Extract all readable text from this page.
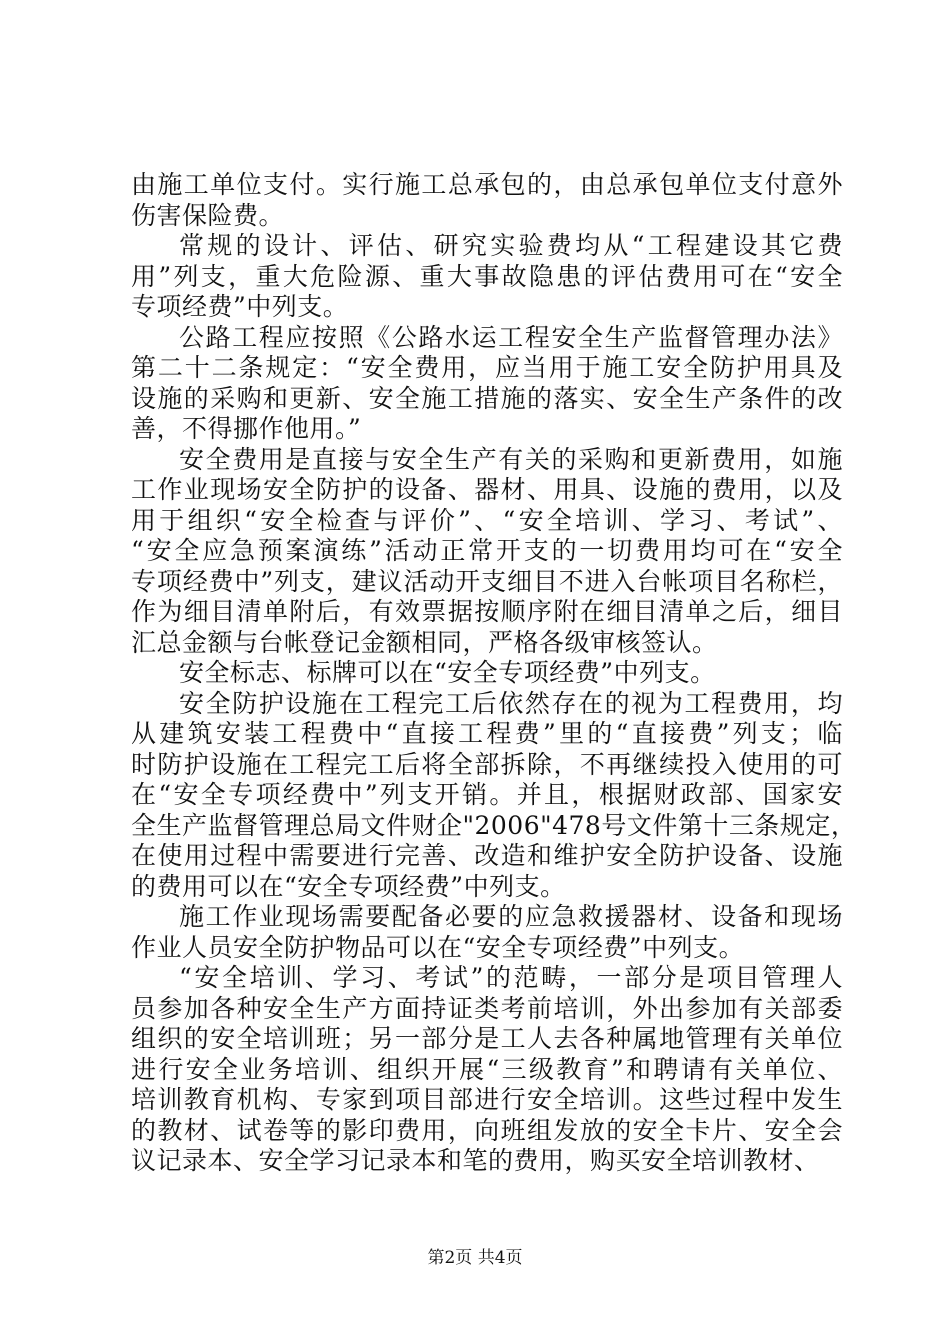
由施工单位支付。实行施工总承包的，由总承包单位支付意外
伤害保险费。
常规的设计、评估、研究实验费均从“工程建设其它费
用”列支，重大危险源、重大事故隐患的评估费用可在“安全
专项经费”中列支。
公路工程应按照《公路水运工程安全生产监督管理办法》
第二十二条规定：“安全费用，应当用于施工安全防护用具及
设施的采购和更新、安全施工措施的落实、安全生产条件的改
善，不得挪作他用。”
安全费用是直接与安全生产有关的采购和更新费用，如施
工作业现场安全防护的设备、器材、用具、设施的费用，以及
用于组织“安全检查与评价”、“安全培训、学习、考试”、
“安全应急预案演练”活动正常开支的一切费用均可在“安全
专项经费中”列支，建议活动开支细目不进入台帐项目名称栏，
作为细目清单附后，有效票据按顺序附在细目清单之后，细目
汇总金额与台帐登记金额相同，严格各级审核签认。
安全标志、标牌可以在“安全专项经费”中列支。
安全防护设施在工程完工后依然存在的视为工程费用，均
从建筑安装工程费中“直接工程费”里的“直接费”列支；临
时防护设施在工程完工后将全部拆除，不再继续投入使用的可
在“安全专项经费中”列支开销。并且，根据财政部、国家安
全生产监督管理总局文件财企"2006"478号文件第十三条规定，
在使用过程中需要进行完善、改造和维护安全防护设备、设施
的费用可以在“安全专项经费”中列支。
施工作业现场需要配备必要的应急救援器材、设备和现场
作业人员安全防护物品可以在“安全专项经费”中列支。
“安全培训、学习、考试”的范畴，一部分是项目管理人
员参加各种安全生产方面持证类考前培训，外出参加有关部委
组织的安全培训班；另一部分是工人去各种属地管理有关单位
进行安全业务培训、组织开展“三级教育”和聘请有关单位、
培训教育机构、专家到项目部进行安全培训。这些过程中发生
的教材、试卷等的影印费用，向班组发放的安全卡片、安全会
议记录本、安全学习记录本和笔的费用，购买安全培训教材、
第2页 共4页
